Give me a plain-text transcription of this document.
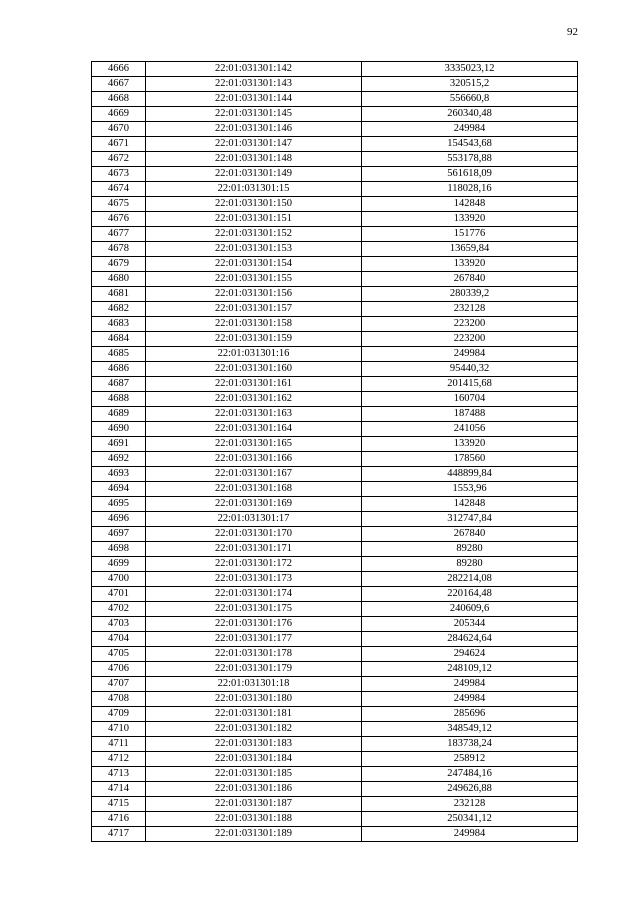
92
4666	22:01:031301:142	3335023,12
4667	22:01:031301:143	320515,2
4668	22:01:031301:144	556660,8
4669	22:01:031301:145	260340,48
4670	22:01:031301:146	249984
4671	22:01:031301:147	154543,68
4672	22:01:031301:148	553178,88
4673	22:01:031301:149	561618,09
4674	22:01:031301:15	118028,16
4675	22:01:031301:150	142848
4676	22:01:031301:151	133920
4677	22:01:031301:152	151776
4678	22:01:031301:153	13659,84
4679	22:01:031301:154	133920
4680	22:01:031301:155	267840
4681	22:01:031301:156	280339,2
4682	22:01:031301:157	232128
4683	22:01:031301:158	223200
4684	22:01:031301:159	223200
4685	22:01:031301:16	249984
4686	22:01:031301:160	95440,32
4687	22:01:031301:161	201415,68
4688	22:01:031301:162	160704
4689	22:01:031301:163	187488
4690	22:01:031301:164	241056
4691	22:01:031301:165	133920
4692	22:01:031301:166	178560
4693	22:01:031301:167	448899,84
4694	22:01:031301:168	1553,96
4695	22:01:031301:169	142848
4696	22:01:031301:17	312747,84
4697	22:01:031301:170	267840
4698	22:01:031301:171	89280
4699	22:01:031301:172	89280
4700	22:01:031301:173	282214,08
4701	22:01:031301:174	220164,48
4702	22:01:031301:175	240609,6
4703	22:01:031301:176	205344
4704	22:01:031301:177	284624,64
4705	22:01:031301:178	294624
4706	22:01:031301:179	248109,12
4707	22:01:031301:18	249984
4708	22:01:031301:180	249984
4709	22:01:031301:181	285696
4710	22:01:031301:182	348549,12
4711	22:01:031301:183	183738,24
4712	22:01:031301:184	258912
4713	22:01:031301:185	247484,16
4714	22:01:031301:186	249626,88
4715	22:01:031301:187	232128
4716	22:01:031301:188	250341,12
4717	22:01:031301:189	249984
